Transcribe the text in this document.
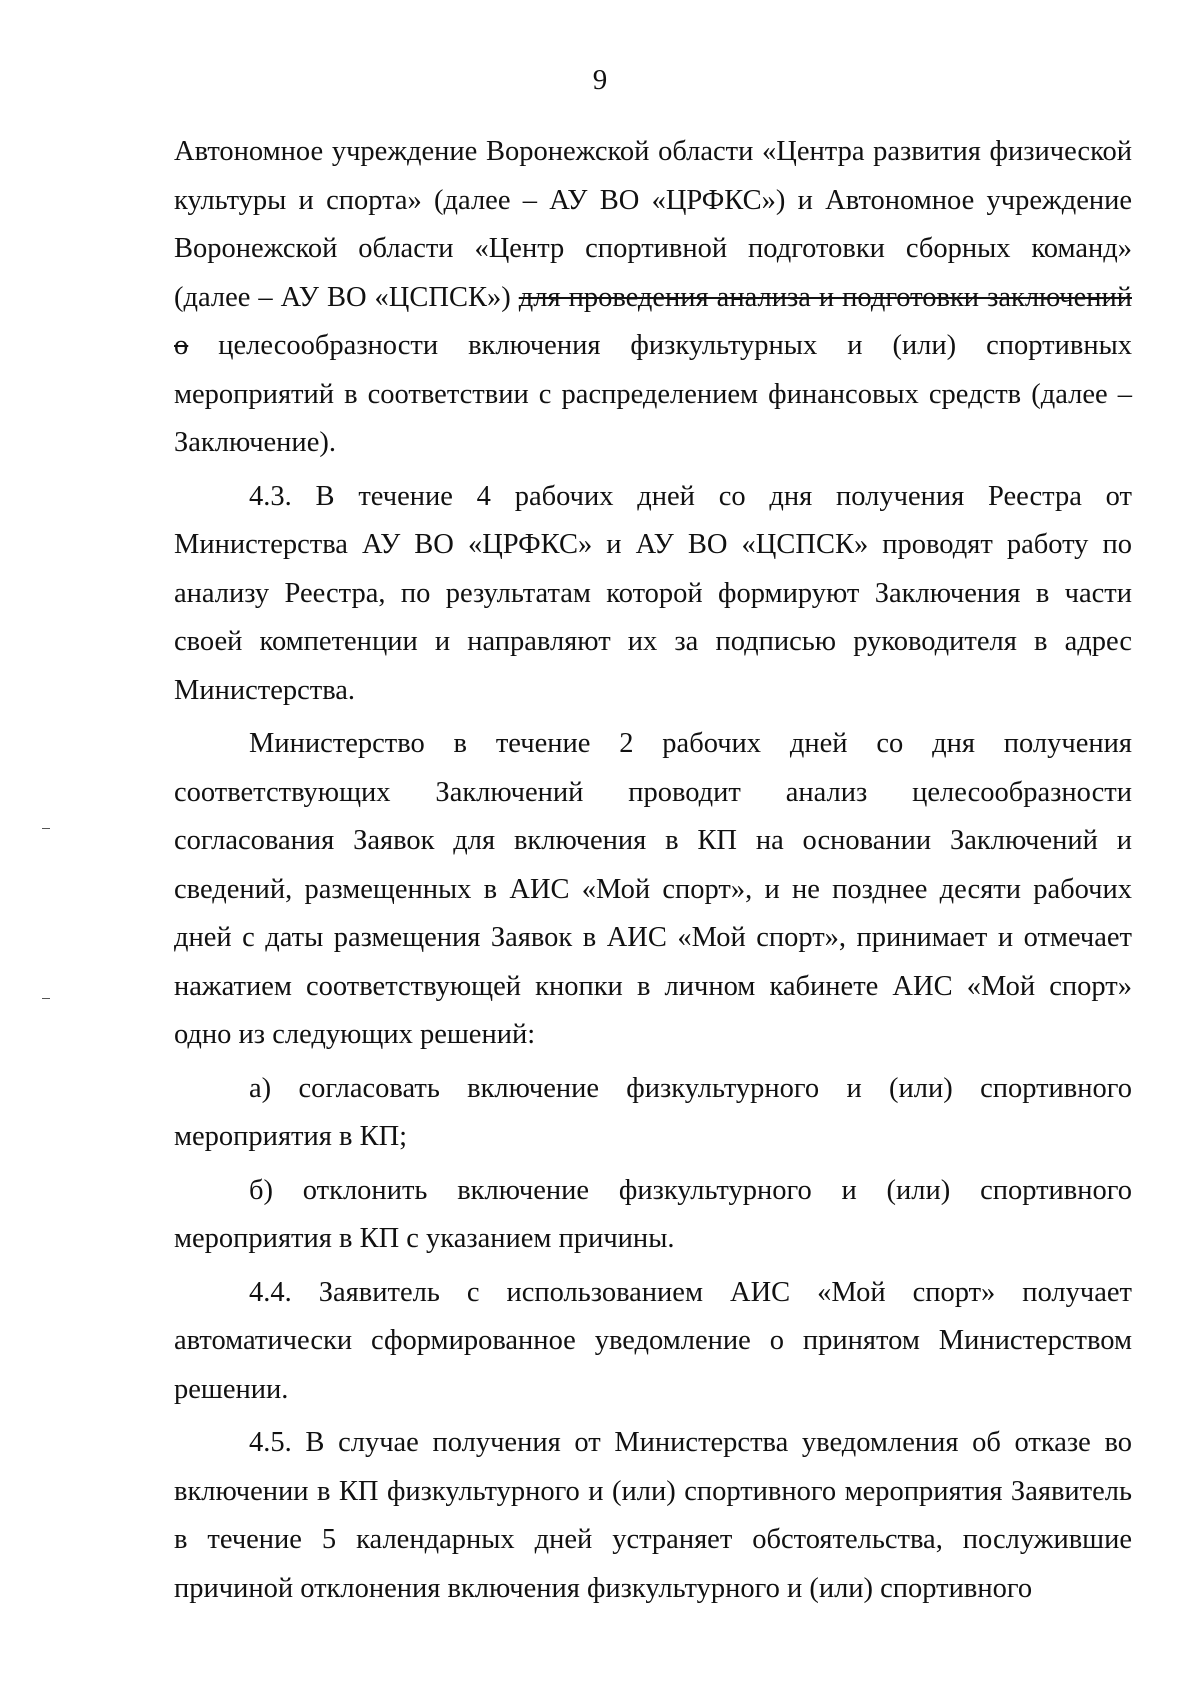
9

Автономное учреждение Воронежской области «Центра развития физической культуры и спорта» (далее – АУ ВО «ЦРФКС») и Автономное учреждение Воронежской области «Центр спортивной подготовки сборных команд» (далее – АУ ВО «ЦСПСК») для проведения анализа и подготовки заключений о целесообразности включения физкультурных и (или) спортивных мероприятий в соответствии с распределением финансовых средств (далее – Заключение).

4.3. В течение 4 рабочих дней со дня получения Реестра от Министерства АУ ВО «ЦРФКС» и АУ ВО «ЦСПСК» проводят работу по анализу Реестра, по результатам которой формируют Заключения в части своей компетенции и направляют их за подписью руководителя в адрес Министерства.

Министерство в течение 2 рабочих дней со дня получения соответствующих Заключений проводит анализ целесообразности согласования Заявок для включения в КП на основании Заключений и сведений, размещенных в АИС «Мой спорт», и не позднее десяти рабочих дней с даты размещения Заявок в АИС «Мой спорт», принимает и отмечает нажатием соответствующей кнопки в личном кабинете АИС «Мой спорт» одно из следующих решений:

а) согласовать включение физкультурного и (или) спортивного мероприятия в КП;

б) отклонить включение физкультурного и (или) спортивного мероприятия в КП с указанием причины.

4.4. Заявитель с использованием АИС «Мой спорт» получает автоматически сформированное уведомление о принятом Министерством решении.

4.5. В случае получения от Министерства уведомления об отказе во включении в КП физкультурного и (или) спортивного мероприятия Заявитель в течение 5 календарных дней устраняет обстоятельства, послужившие причиной отклонения включения физкультурного и (или) спортивного
